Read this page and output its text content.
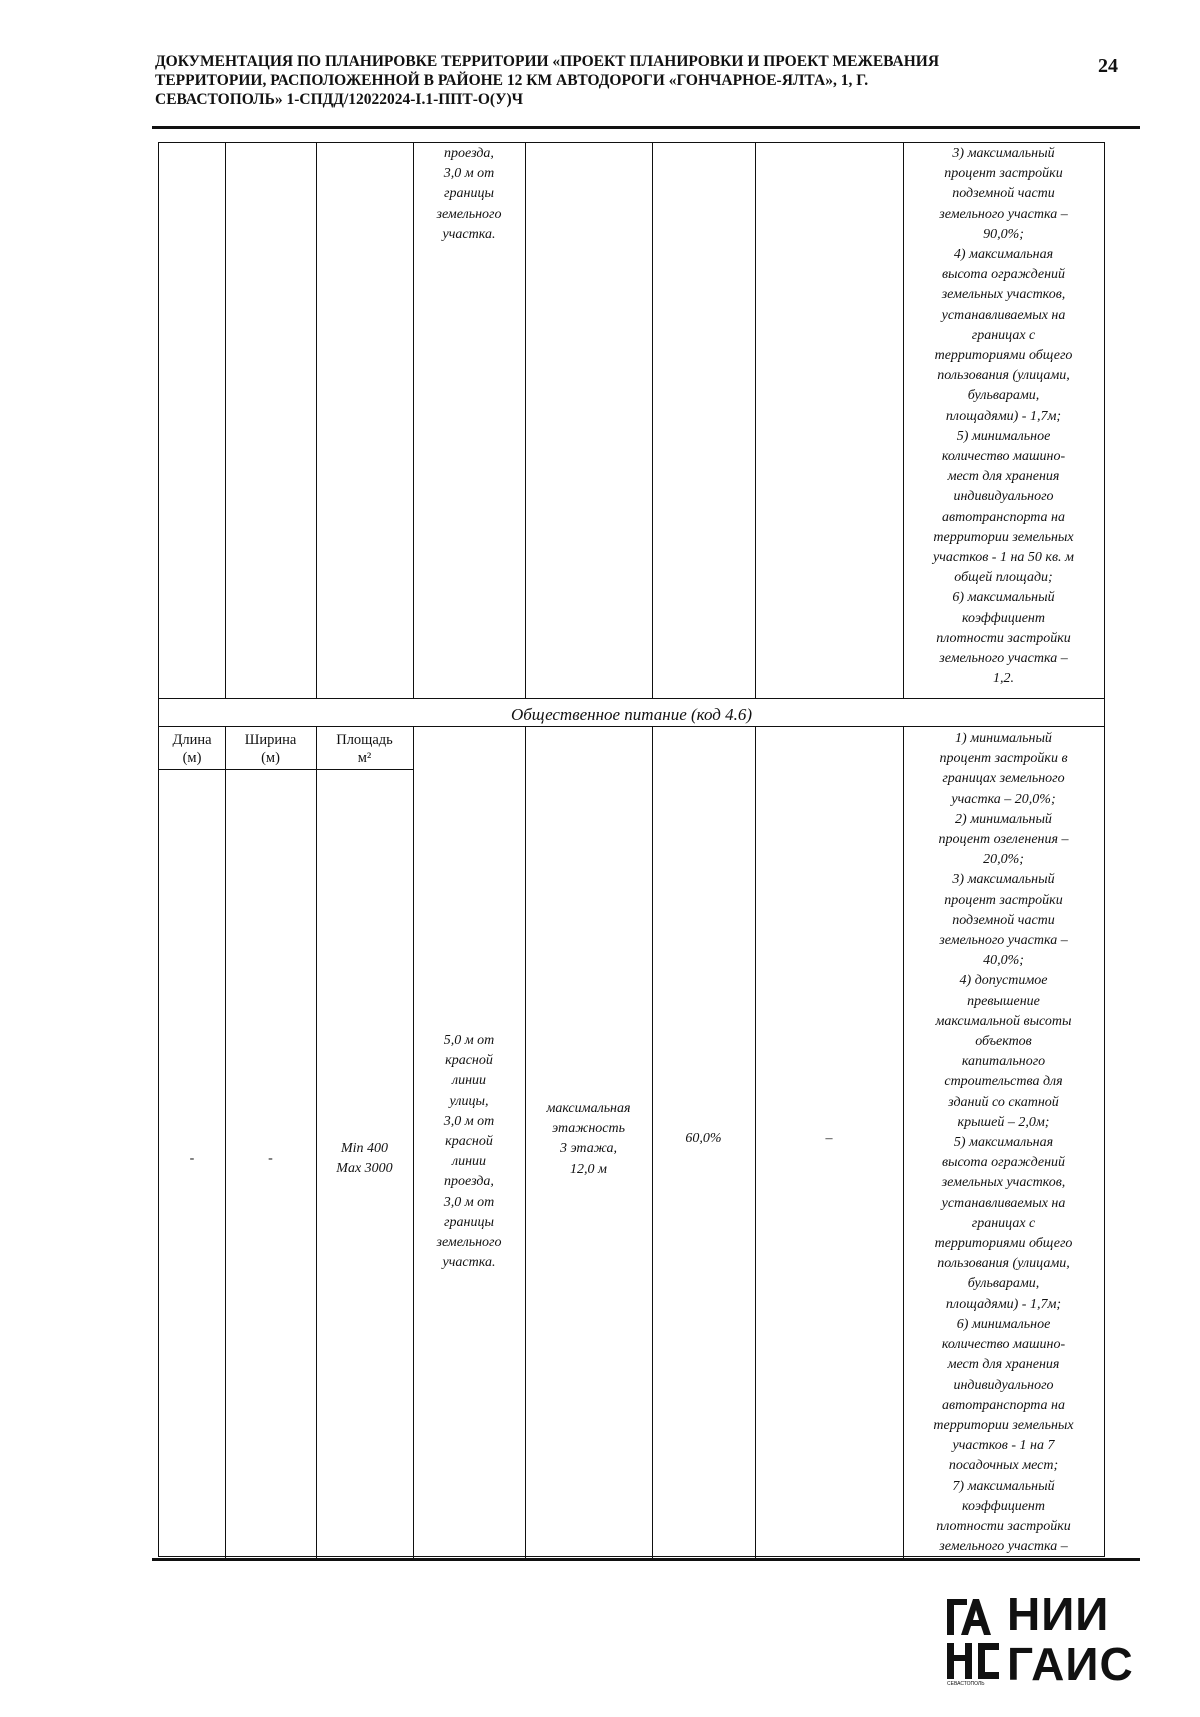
ДОКУМЕНТАЦИЯ ПО ПЛАНИРОВКЕ ТЕРРИТОРИИ «ПРОЕКТ ПЛАНИРОВКИ И ПРОЕКТ МЕЖЕВАНИЯ
ТЕРРИТОРИИ, РАСПОЛОЖЕННОЙ В РАЙОНЕ 12 КМ АВТОДОРОГИ «ГОНЧАРНОЕ-ЯЛТА», 1, Г.
СЕВАСТОПОЛЬ» 1-СПДД/12022024-І.1-ППТ-О(У)Ч
24
проезда,
3,0 м от
границы
земельного
участка.
3) максимальный
процент застройки
подземной части
земельного участка –
90,0%;
4) максимальная
высота ограждений
земельных участков,
устанавливаемых на
границах с
территориями общего
пользования (улицами,
бульварами,
площадями) - 1,7м;
5) минимальное
количество машино-
мест для хранения
индивидуального
автотранспорта на
территории земельных
участков - 1 на 50 кв. м
общей площади;
6) максимальный
коэффициент
плотности застройки
земельного участка –
1,2.
Общественное питание (код 4.6)
Длина
(м)
Ширина
(м)
Площадь
м²
-	-
Min 400
Max 3000
5,0 м от
красной
линии
улицы,
3,0 м от
красной
линии
проезда,
3,0 м от
границы
земельного
участка.
максимальная
этажность
3 этажа,
12,0 м
60,0%	–
1) минимальный
процент застройки в
границах земельного
участка – 20,0%;
2) минимальный
процент озеленения –
20,0%;
3) максимальный
процент застройки
подземной части
земельного участка –
40,0%;
4) допустимое
превышение
максимальной высоты
объектов
капитального
строительства для
зданий со скатной
крышей – 2,0м;
5) максимальная
высота ограждений
земельных участков,
устанавливаемых на
границах с
территориями общего
пользования (улицами,
бульварами,
площадями) - 1,7м;
6) минимальное
количество машино-
мест для хранения
индивидуального
автотранспорта на
территории земельных
участков - 1 на 7
посадочных мест;
7) максимальный
коэффициент
плотности застройки
земельного участка –
НИИ
ГАИС
СЕВАСТОПОЛЬ
